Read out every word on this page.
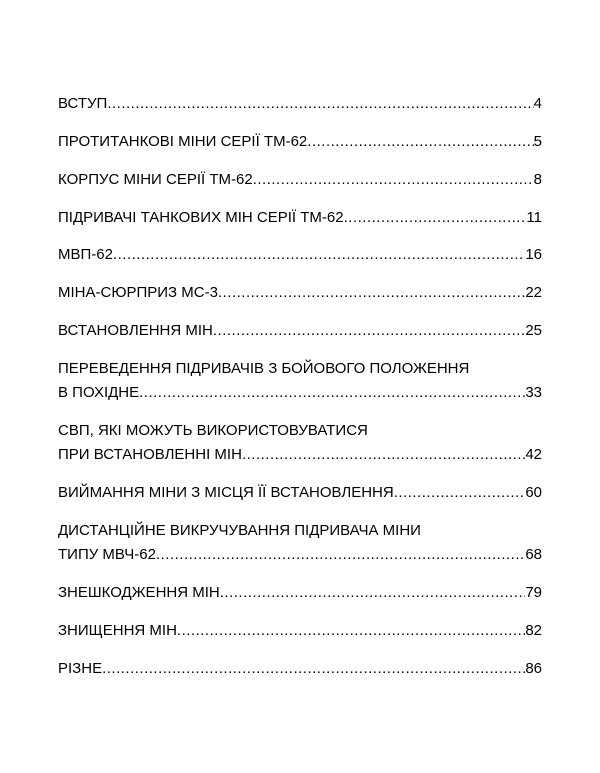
ВСТУП .....	4
ПРОТИТАНКОВІ МІНИ СЕРІЇ ТМ-62 .....	5
КОРПУС МІНИ СЕРІЇ ТМ-62 .....	8
ПІДРИВАЧІ ТАНКОВИХ МІН СЕРІЇ ТМ-62 .....	11
МВП-62 .....	16
МІНА-СЮРПРИЗ МС-3 .....	22
ВСТАНОВЛЕННЯ МІН .....	25
ПЕРЕВЕДЕННЯ ПІДРИВАЧІВ З БОЙОВОГО ПОЛОЖЕННЯ
В ПОХІДНЕ .....	33
СВП, ЯКІ МОЖУТЬ ВИКОРИСТОВУВАТИСЯ
ПРИ ВСТАНОВЛЕННІ МІН .....	42
ВИЙМАННЯ МІНИ З МІСЦЯ ЇЇ ВСТАНОВЛЕННЯ .....	60
ДИСТАНЦІЙНЕ ВИКРУЧУВАННЯ ПІДРИВАЧА МІНИ
ТИПУ МВЧ-62 .....	68
ЗНЕШКОДЖЕННЯ МІН .....	79
ЗНИЩЕННЯ МІН .....	82
РІЗНЕ .....	86
